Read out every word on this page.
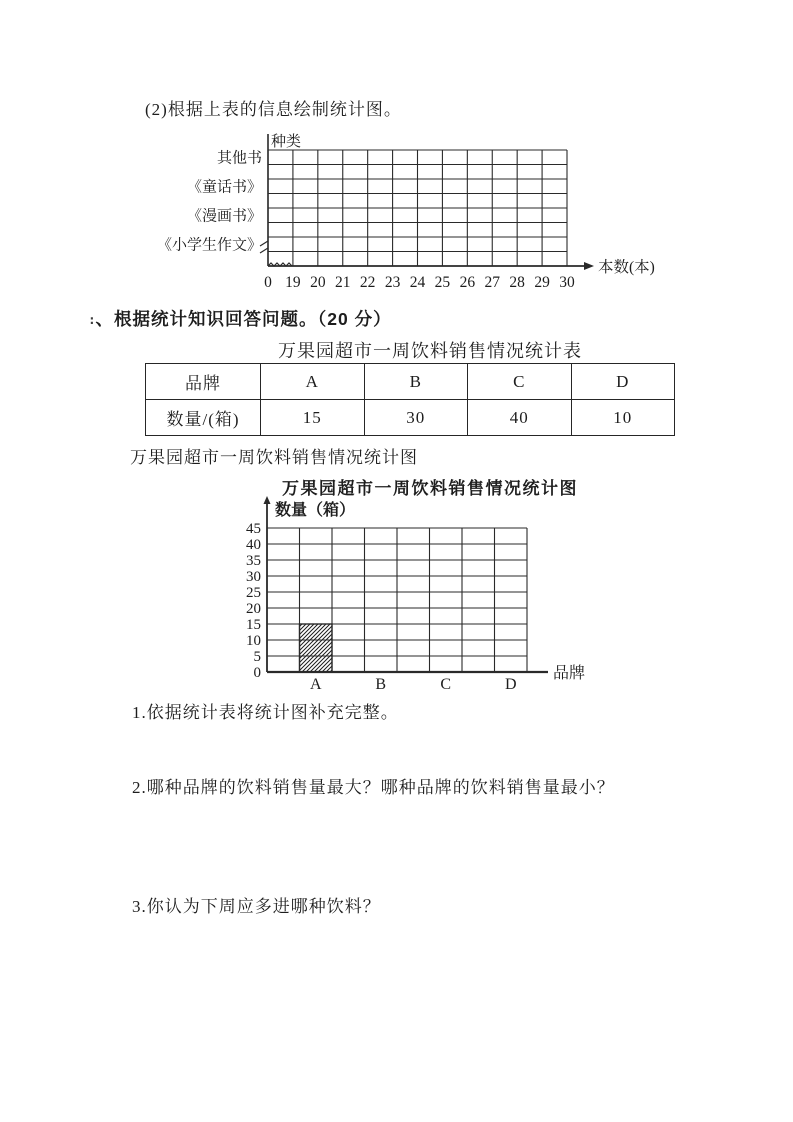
(2)根据上表的信息绘制统计图。

种类
本数(本)
其他书
《童话书》
《漫画书》
《小学生作文》
0 19 20 21 22 23 24 25 26 27 28 29 30

∶、根据统计知识回答问题。（20 分）

万果园超市一周饮料销售情况统计表
品牌	A	B	C	D
数量/(箱)	15	30	40	10

万果园超市一周饮料销售情况统计图

万果园超市一周饮料销售情况统计图
数量（箱）
0
5
10
15
20
25
30
35
40
45
A	B	C	D
品牌

1.依据统计表将统计图补充完整。

2.哪种品牌的饮料销售量最大？哪种品牌的饮料销售量最小？

3.你认为下周应多进哪种饮料？
